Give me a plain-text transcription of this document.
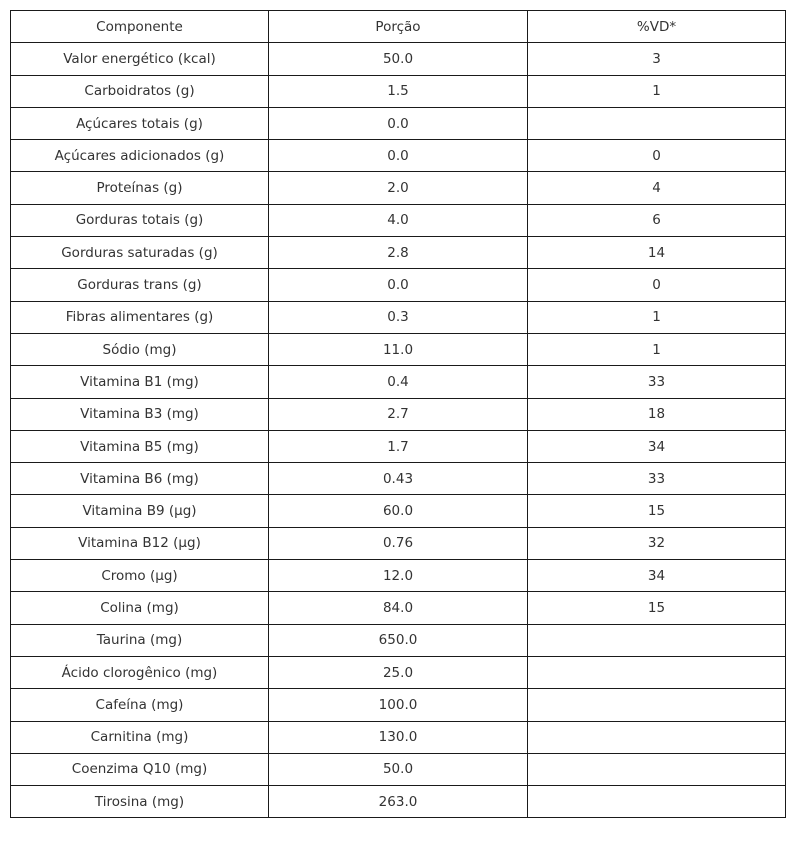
Componente	Porção	%VD*
Valor energético (kcal)	50.0	3
Carboidratos (g)	1.5	1
Açúcares totais (g)	0.0	
Açúcares adicionados (g)	0.0	0
Proteínas (g)	2.0	4
Gorduras totais (g)	4.0	6
Gorduras saturadas (g)	2.8	14
Gorduras trans (g)	0.0	0
Fibras alimentares (g)	0.3	1
Sódio (mg)	11.0	1
Vitamina B1 (mg)	0.4	33
Vitamina B3 (mg)	2.7	18
Vitamina B5 (mg)	1.7	34
Vitamina B6 (mg)	0.43	33
Vitamina B9 (µg)	60.0	15
Vitamina B12 (µg)	0.76	32
Cromo (µg)	12.0	34
Colina (mg)	84.0	15
Taurina (mg)	650.0	
Ácido clorogênico (mg)	25.0	
Cafeína (mg)	100.0	
Carnitina (mg)	130.0	
Coenzima Q10 (mg)	50.0	
Tirosina (mg)	263.0	
